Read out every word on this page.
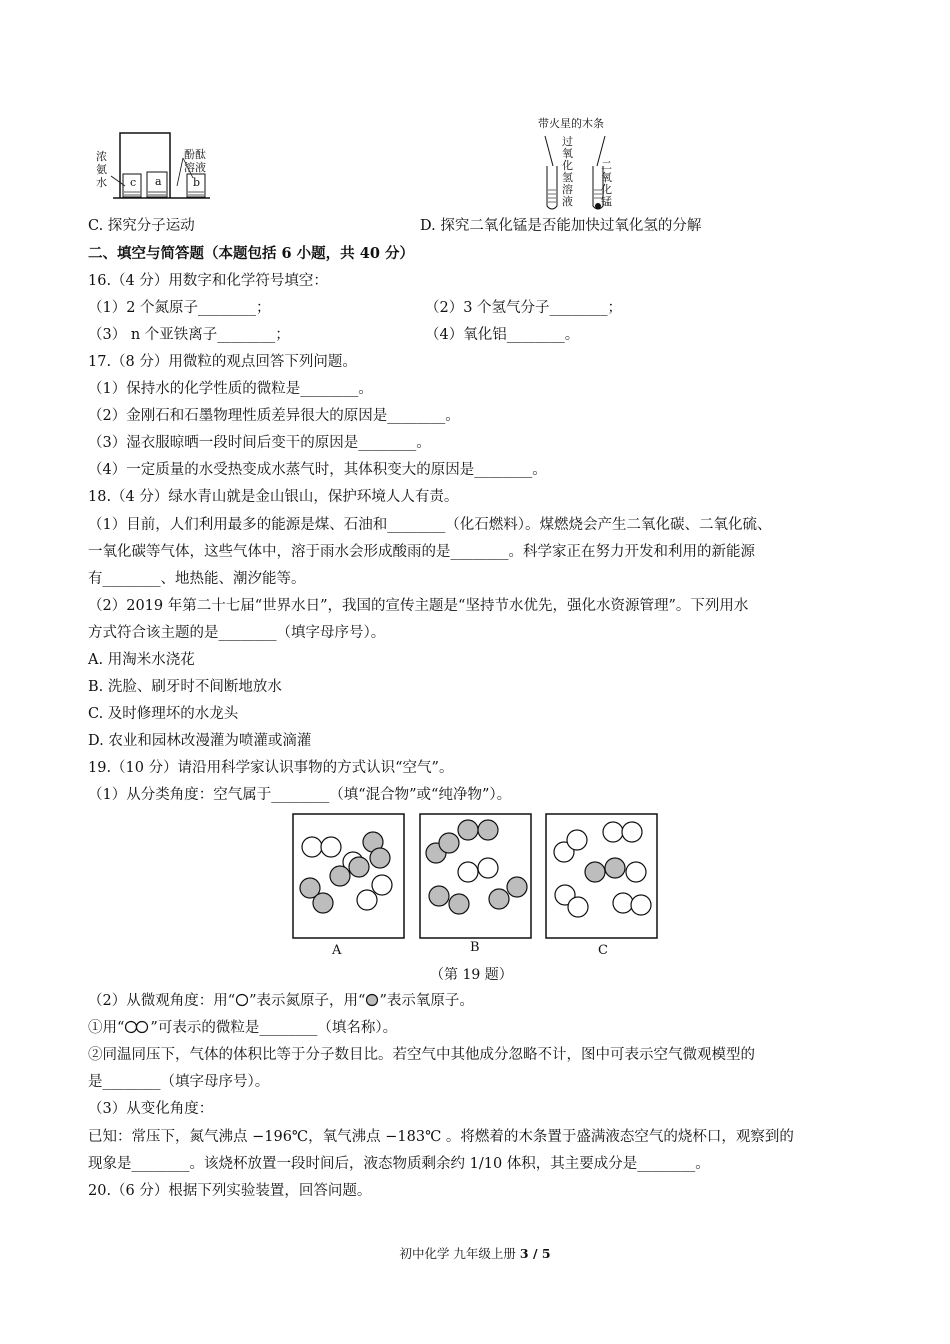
浓氨水
酚酞
溶液
c a	b
带火星的木条
过氧化氢溶液
二氧化锰
C. 探究分子运动	D. 探究二氧化锰是否能加快过氧化氢的分解
二、填空与简答题（本题包括 6 小题，共 40 分）
16.（4 分）用数字和化学符号填空：
（1）2 个氮原子________；	（2）3 个氢气分子________；
（3） n 个亚铁离子________；	（4）氧化铝________。
17.（8 分）用微粒的观点回答下列问题。
（1）保持水的化学性质的微粒是________。
（2）金刚石和石墨物理性质差异很大的原因是________。
（3）湿衣服晾晒一段时间后变干的原因是________。
（4）一定质量的水受热变成水蒸气时，其体积变大的原因是________。
18.（4 分）绿水青山就是金山银山，保护环境人人有责。
（1）目前，人们利用最多的能源是煤、石油和________（化石燃料）。煤燃烧会产生二氧化碳、二氧化硫、
一氧化碳等气体，这些气体中，溶于雨水会形成酸雨的是________。科学家正在努力开发和利用的新能源
有________、地热能、潮汐能等。
（2）2019 年第二十七届“世界水日”，我国的宣传主题是“坚持节水优先，强化水资源管理”。下列用水
方式符合该主题的是________（填字母序号）。
A. 用淘米水浇花
B. 洗脸、刷牙时不间断地放水
C. 及时修理坏的水龙头
D. 农业和园林改漫灌为喷灌或滴灌
19.（10 分）请沿用科学家认识事物的方式认识“空气”。
（1）从分类角度：空气属于________（填“混合物”或“纯净物”）。
A	B	C
（第 19 题）
（2）从微观角度：用“ ”表示氮原子，用“ ”表示氧原子。
①用“ ”可表示的微粒是________（填名称）。
②同温同压下，气体的体积比等于分子数目比。若空气中其他成分忽略不计，图中可表示空气微观模型的
是________（填字母序号）。
（3）从变化角度：
已知：常压下，氮气沸点 −196℃，氧气沸点 −183℃ 。将燃着的木条置于盛满液态空气的烧杯口，观察到的
现象是________。该烧杯放置一段时间后，液态物质剩余约 1/10 体积，其主要成分是________。
20.（6 分）根据下列实验装置，回答问题。
初中化学 九年级上册 3 / 5
